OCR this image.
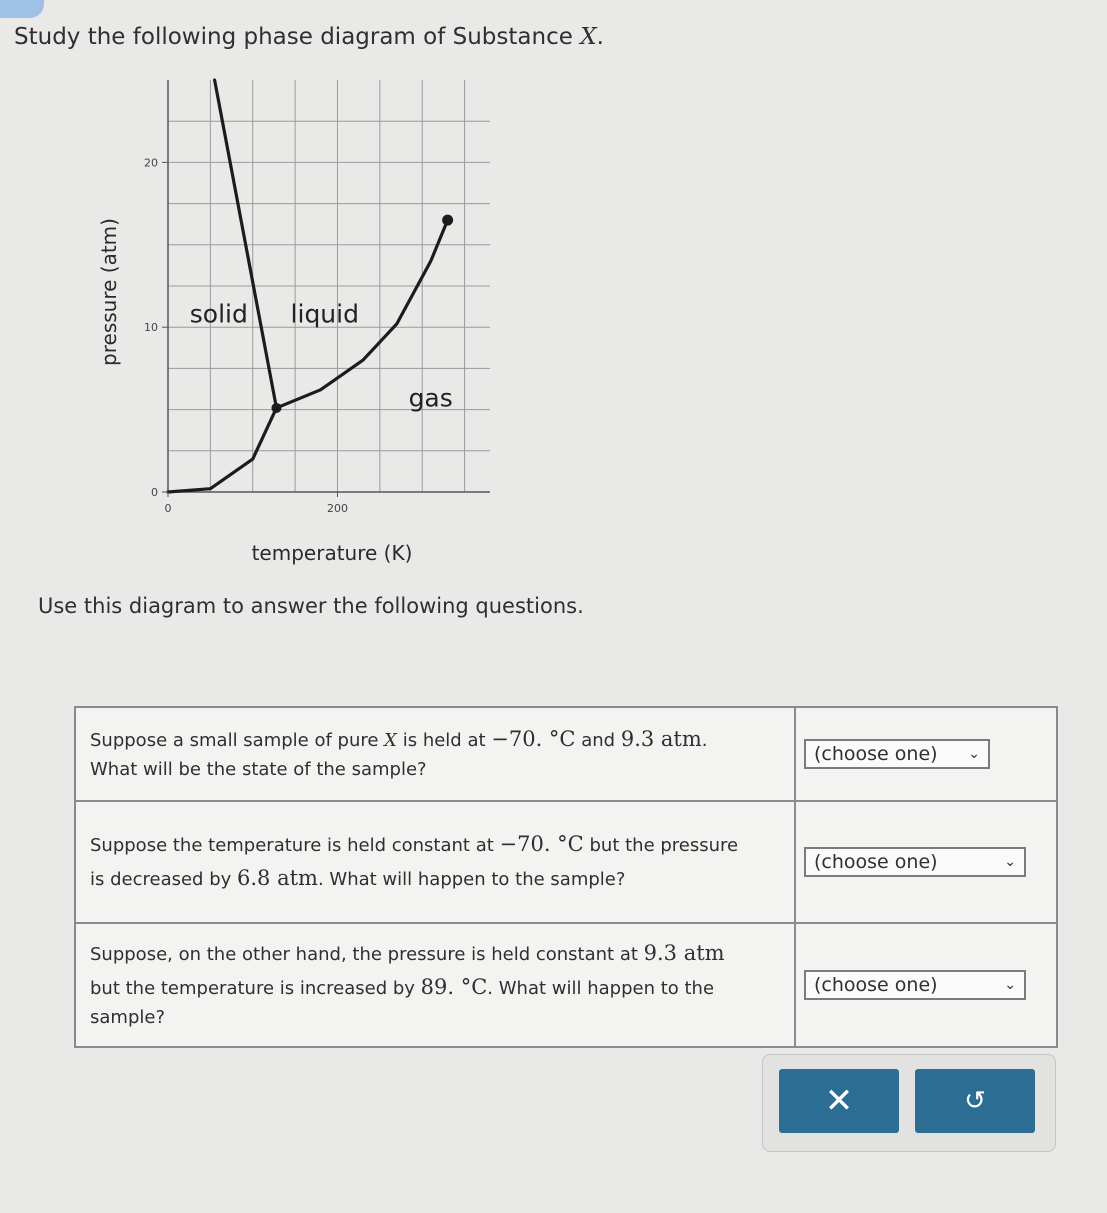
Study the following phase diagram of Substance X.
0	200
0
10
20
solid liquid
gas
temperature (K)
pressure (atm)

Use this diagram to answer the following questions.

Suppose a small sample of pure X is held at −70. °C and 9.3 atm.
What will be the state of the sample?	(choose one) ⌄

Suppose the temperature is held constant at −70. °C but the pressure
is decreased by 6.8 atm. What will happen to the sample?	(choose one) ⌄

Suppose, on the other hand, the pressure is held constant at 9.3 atm
but the temperature is increased by 89. °C. What will happen to the
sample?	(choose one) ⌄
✕	↺
